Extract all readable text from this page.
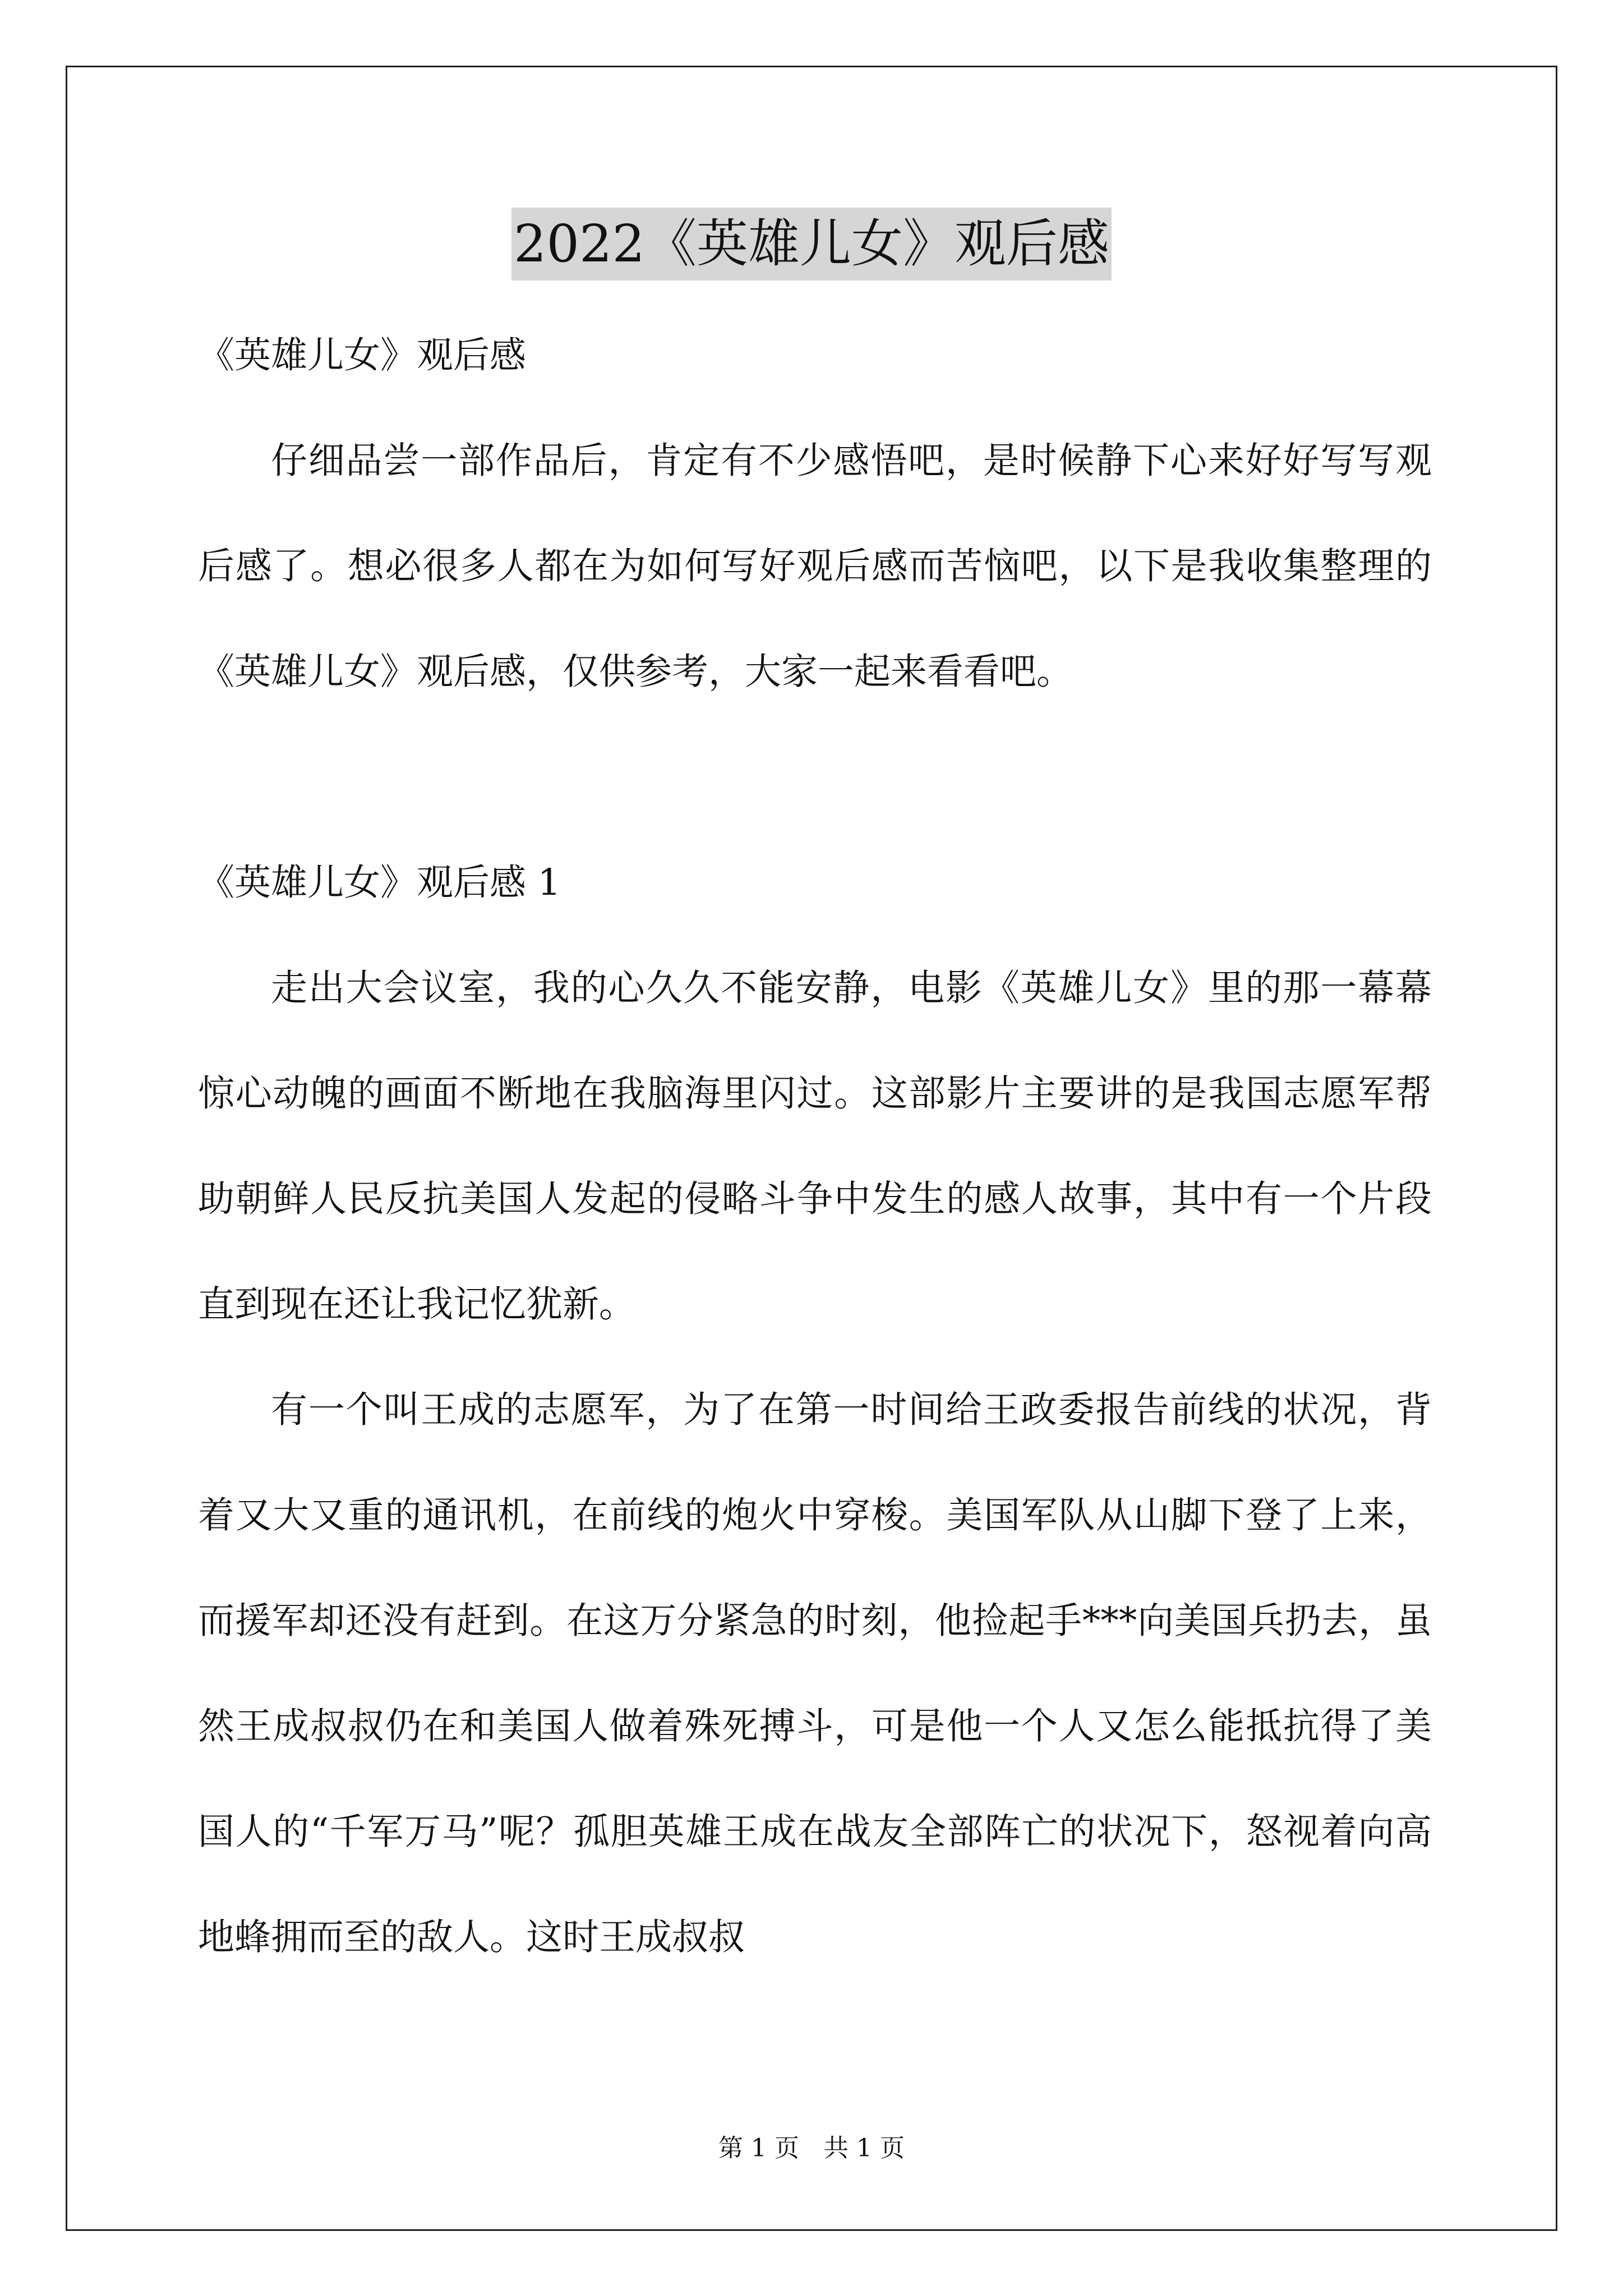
2022《英雄儿女》观后感

《英雄儿女》观后感

仔细品尝一部作品后，肯定有不少感悟吧，是时候静下心来好好写写观后感了。想必很多人都在为如何写好观后感而苦恼吧，以下是我收集整理的《英雄儿女》观后感，仅供参考，大家一起来看看吧。

《英雄儿女》观后感 1

走出大会议室，我的心久久不能安静，电影《英雄儿女》里的那一幕幕惊心动魄的画面不断地在我脑海里闪过。这部影片主要讲的是我国志愿军帮助朝鲜人民反抗美国人发起的侵略斗争中发生的感人故事，其中有一个片段直到现在还让我记忆犹新。

有一个叫王成的志愿军，为了在第一时间给王政委报告前线的状况，背着又大又重的通讯机，在前线的炮火中穿梭。美国军队从山脚下登了上来，而援军却还没有赶到。在这万分紧急的时刻，他捡起手***向美国兵扔去，虽然王成叔叔仍在和美国人做着殊死搏斗，可是他一个人又怎么能抵抗得了美国人的“千军万马”呢？孤胆英雄王成在战友全部阵亡的状况下，怒视着向高地蜂拥而至的敌人。这时王成叔叔

第 1 页　共 1 页
